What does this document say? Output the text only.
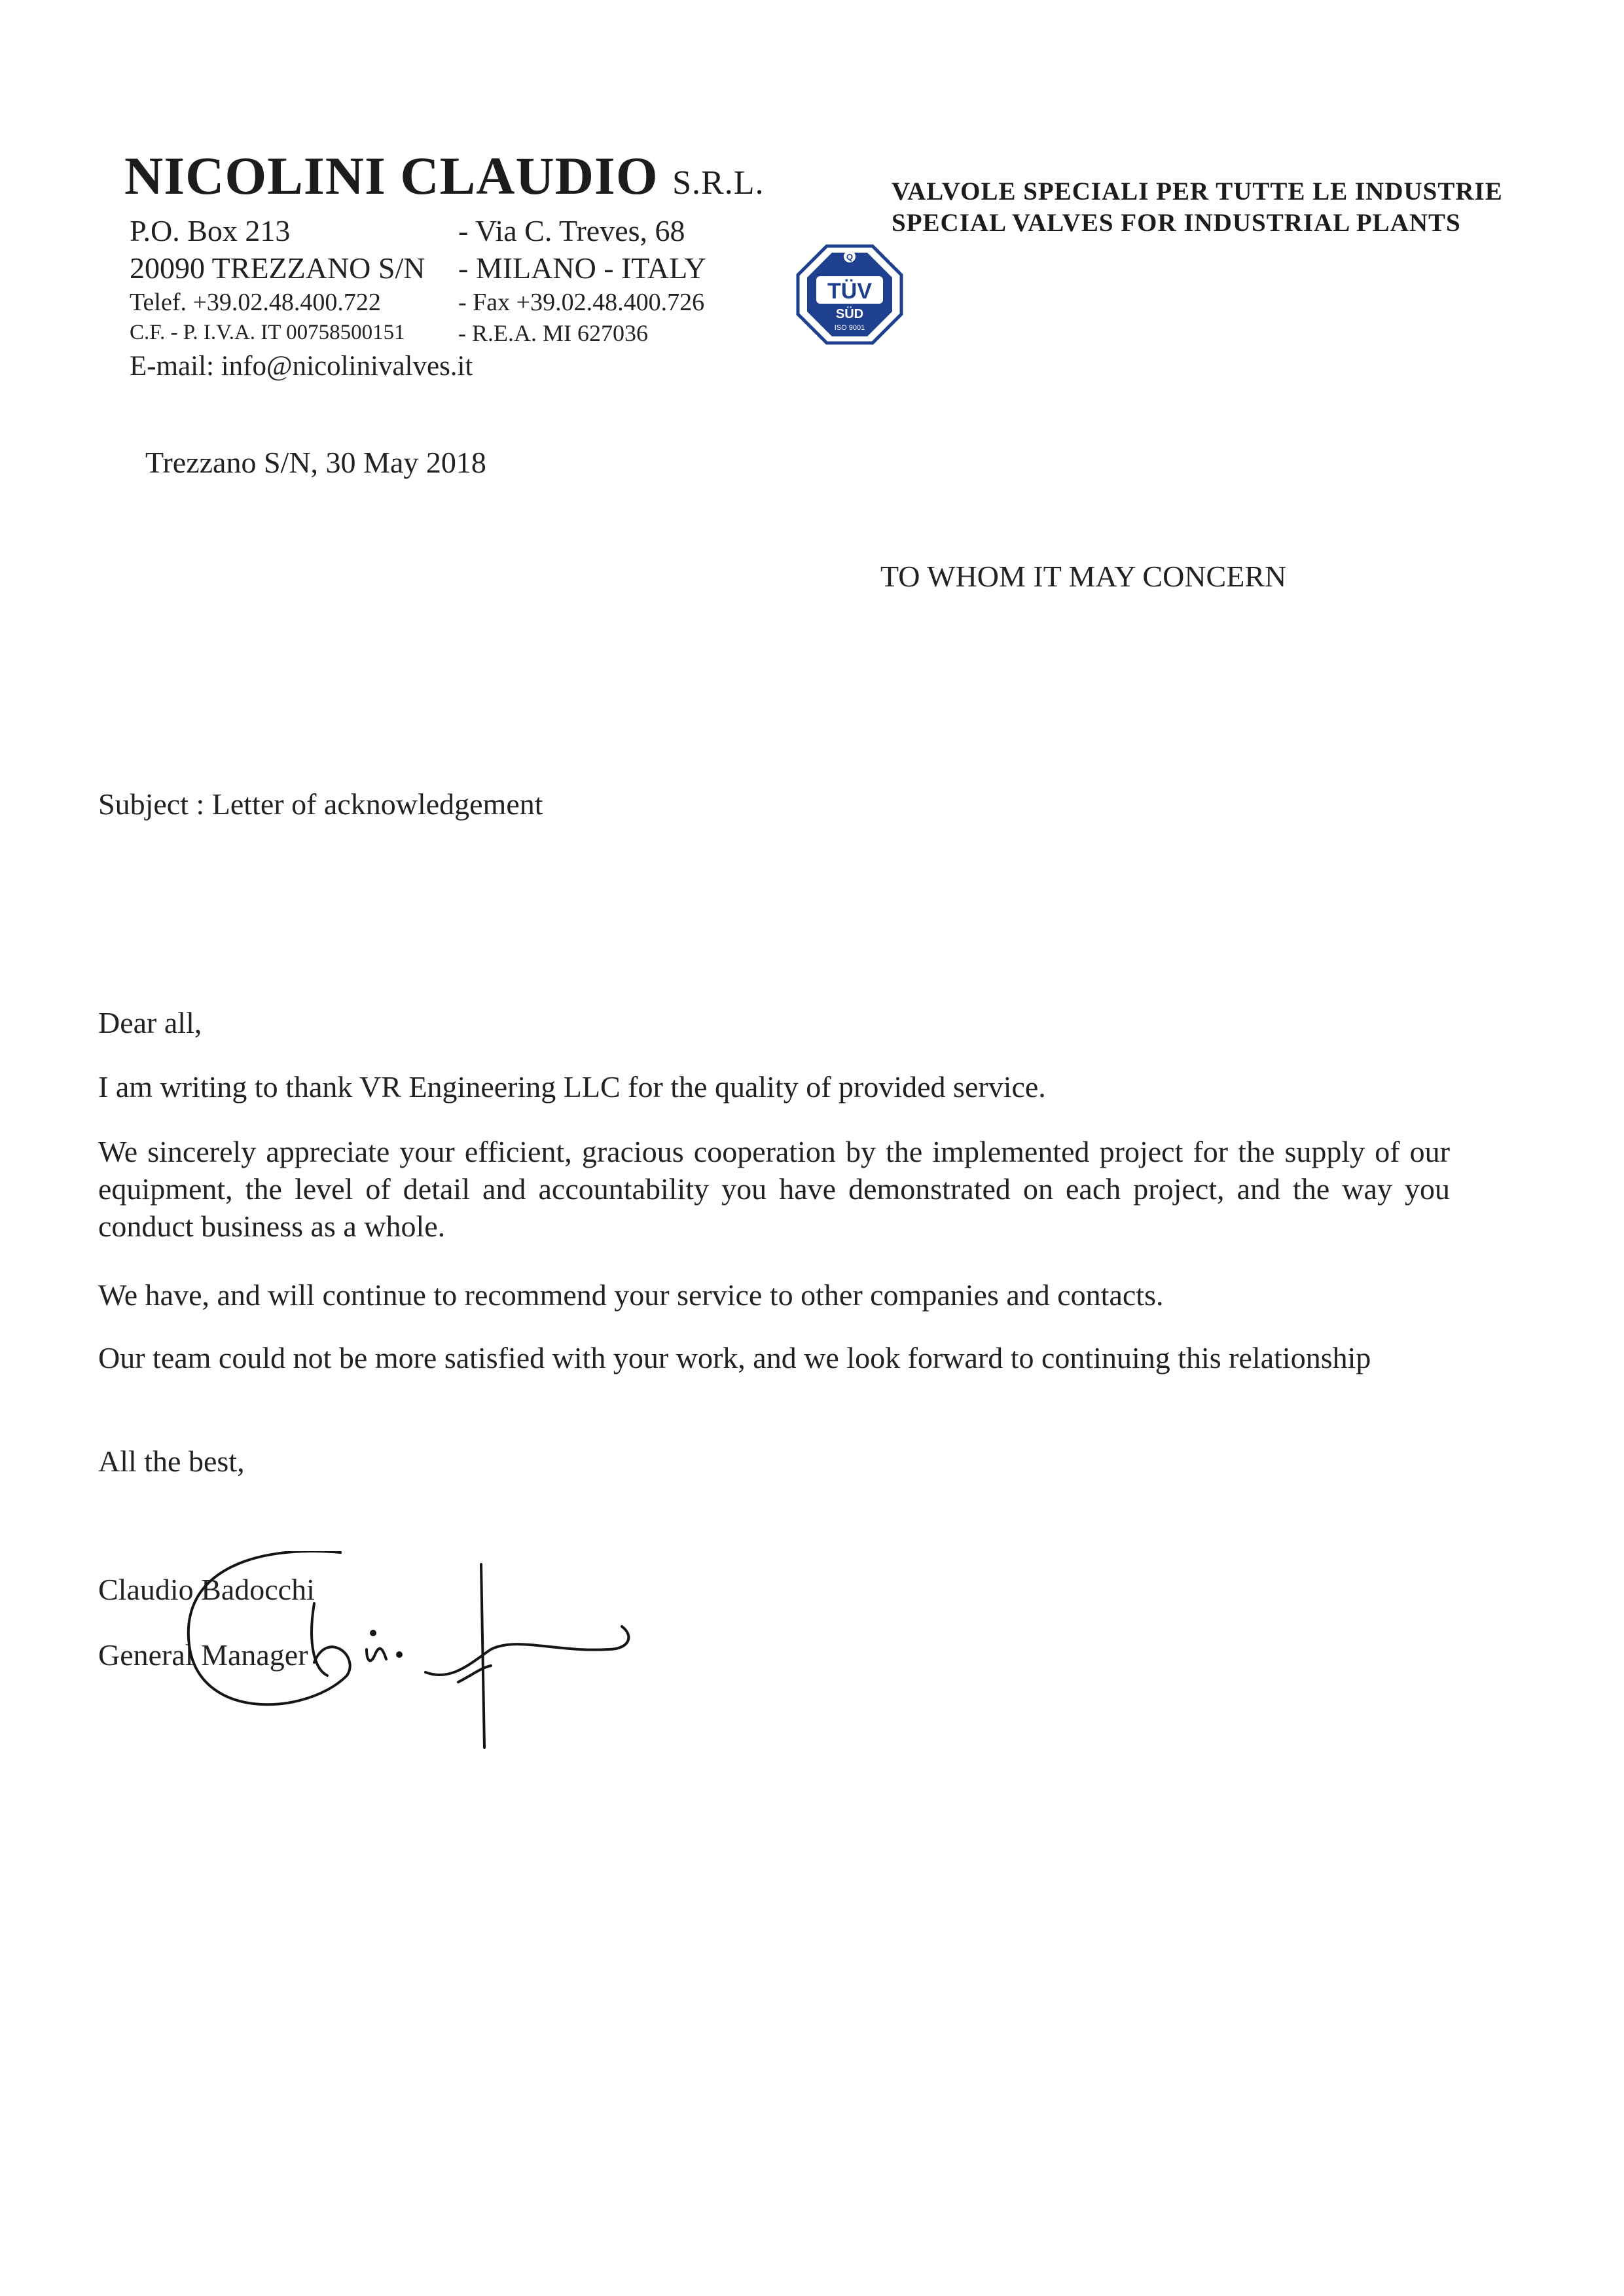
NICOLINI CLAUDIO S.R.L.
P.O. Box 213	- Via C. Treves, 68
20090 TREZZANO S/N - MILANO - ITALY
Telef. +39.02.48.400.722	- Fax +39.02.48.400.726
C.F. - P. I.V.A. IT 00758500151 - R.E.A. MI 627036
E-mail: info@nicolinivalves.it
VALVOLE SPECIALI PER TUTTE LE INDUSTRIE
SPECIAL VALVES FOR INDUSTRIAL PLANTS
Q
TÜV
SÜD
ISO 9001
Trezzano S/N, 30 May 2018
TO WHOM IT MAY CONCERN
Subject : Letter of acknowledgement
Dear all,
I am writing to thank VR Engineering LLC for the quality of provided service.
We sincerely appreciate your efficient, gracious cooperation by the implemented project for the supply of our equipment, the level of detail and accountability you have demonstrated on each project, and the way you conduct business as a whole.
We have, and will continue to recommend your service to other companies and contacts.
Our team could not be more satisfied with your work, and we look forward to continuing this relationship
All the best,
Claudio Badocchi
General Manager
